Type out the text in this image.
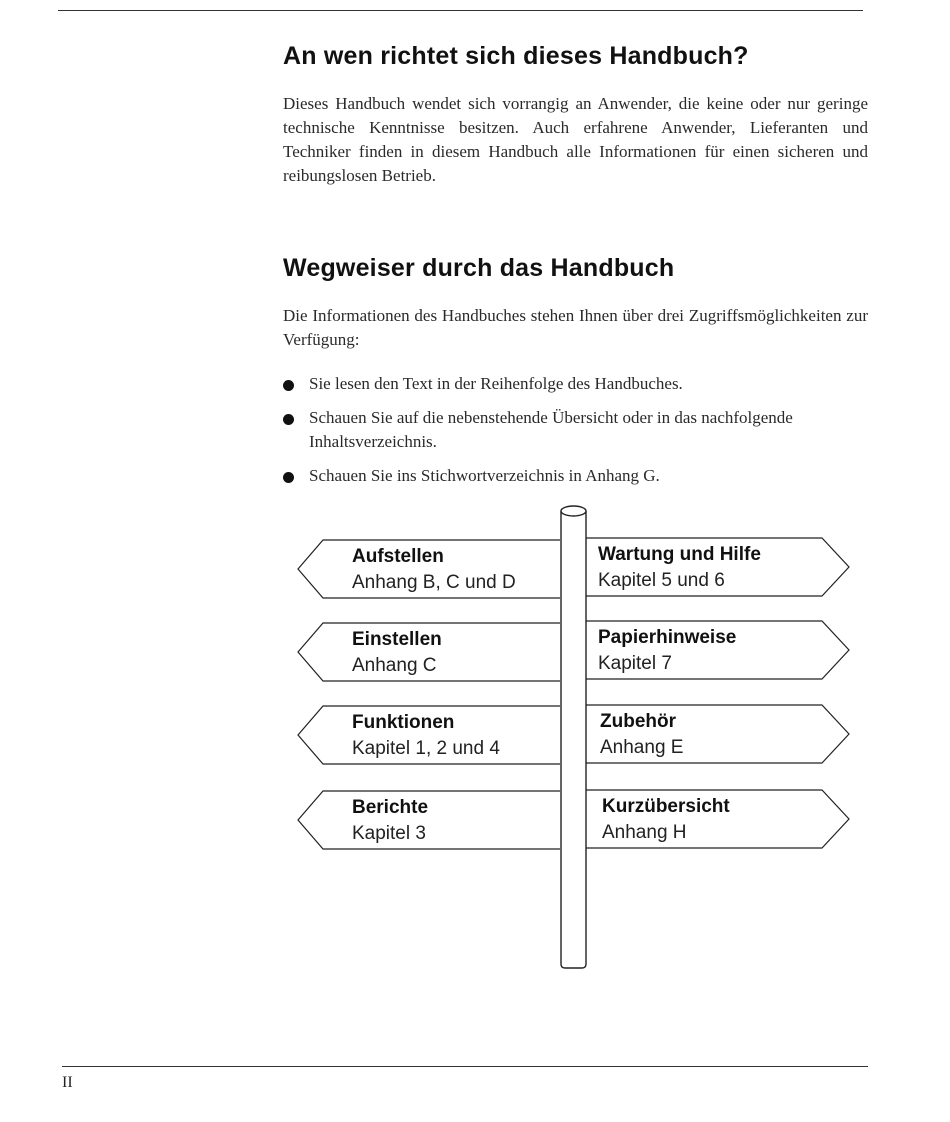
An wen richtet sich dieses Handbuch?

Dieses Handbuch wendet sich vorrangig an Anwender, die keine oder nur geringe technische Kenntnisse besitzen. Auch erfahrene Anwender, Lieferanten und Techniker finden in diesem Handbuch alle Informationen für einen sicheren und reibungslosen Betrieb.

Wegweiser durch das Handbuch

Die Informationen des Handbuches stehen Ihnen über drei Zugriffsmöglichkeiten zur Verfügung:

Sie lesen den Text in der Reihenfolge des Handbuches.
Schauen Sie auf die nebenstehende Übersicht oder in das nachfolgende Inhaltsverzeichnis.
Schauen Sie ins Stichwortverzeichnis in Anhang G.
Aufstellen
Anhang B, C und D
Einstellen
Anhang C
Funktionen
Kapitel 1, 2 und 4
Berichte
Kapitel 3
Wartung und Hilfe
Kapitel 5 und 6
Papierhinweise
Kapitel 7
Zubehör
Anhang E
Kurzübersicht
Anhang H
II
